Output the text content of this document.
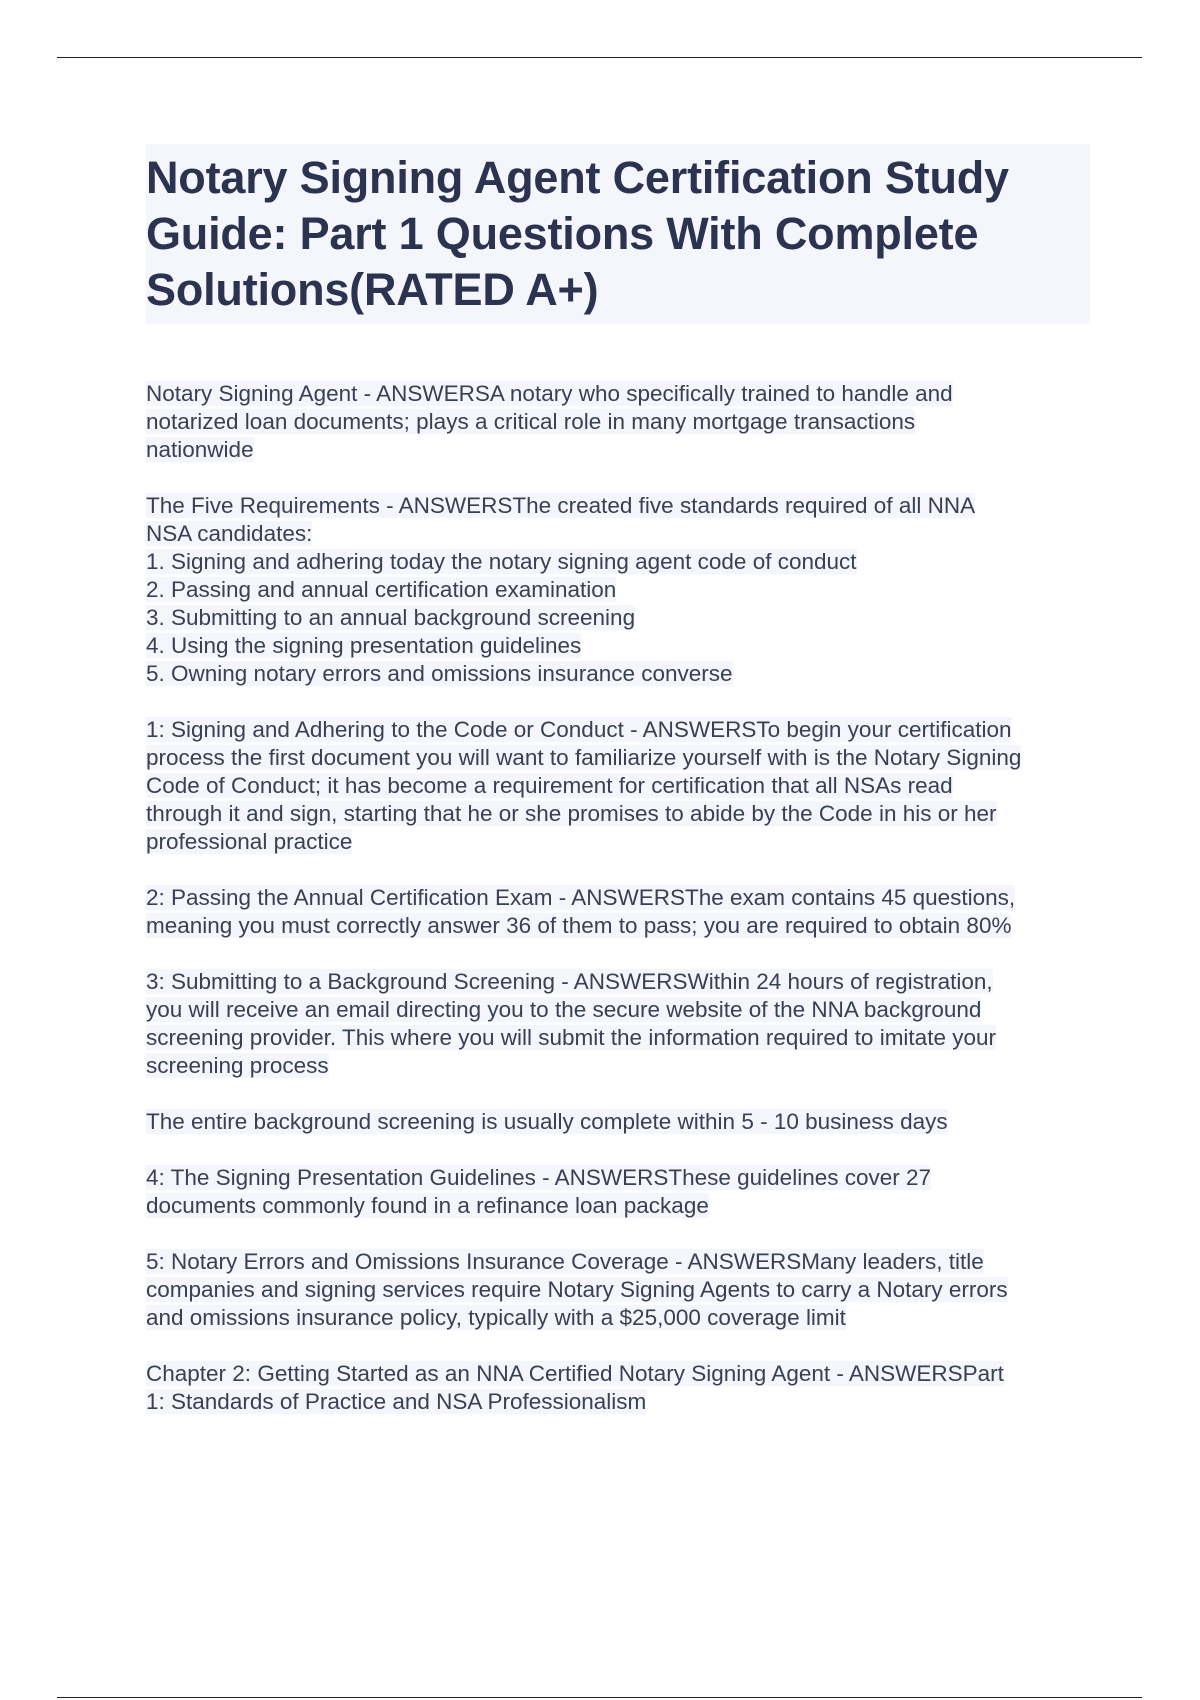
Notary Signing Agent Certification Study Guide: Part 1 Questions With Complete Solutions(RATED A+)

Notary Signing Agent - ANSWERSA notary who specifically trained to handle and
notarized loan documents; plays a critical role in many mortgage transactions
nationwide

The Five Requirements - ANSWERSThe created five standards required of all NNA
NSA candidates:
1. Signing and adhering today the notary signing agent code of conduct
2. Passing and annual certification examination
3. Submitting to an annual background screening
4. Using the signing presentation guidelines
5. Owning notary errors and omissions insurance converse

1: Signing and Adhering to the Code or Conduct - ANSWERSTo begin your certification
process the first document you will want to familiarize yourself with is the Notary Signing
Code of Conduct; it has become a requirement for certification that all NSAs read
through it and sign, starting that he or she promises to abide by the Code in his or her
professional practice

2: Passing the Annual Certification Exam - ANSWERSThe exam contains 45 questions,
meaning you must correctly answer 36 of them to pass; you are required to obtain 80%

3: Submitting to a Background Screening - ANSWERSWithin 24 hours of registration,
you will receive an email directing you to the secure website of the NNA background
screening provider. This where you will submit the information required to imitate your
screening process

The entire background screening is usually complete within 5 - 10 business days

4: The Signing Presentation Guidelines - ANSWERSThese guidelines cover 27
documents commonly found in a refinance loan package

5: Notary Errors and Omissions Insurance Coverage - ANSWERSMany leaders, title
companies and signing services require Notary Signing Agents to carry a Notary errors
and omissions insurance policy, typically with a $25,000 coverage limit

Chapter 2: Getting Started as an NNA Certified Notary Signing Agent - ANSWERSPart
1: Standards of Practice and NSA Professionalism
